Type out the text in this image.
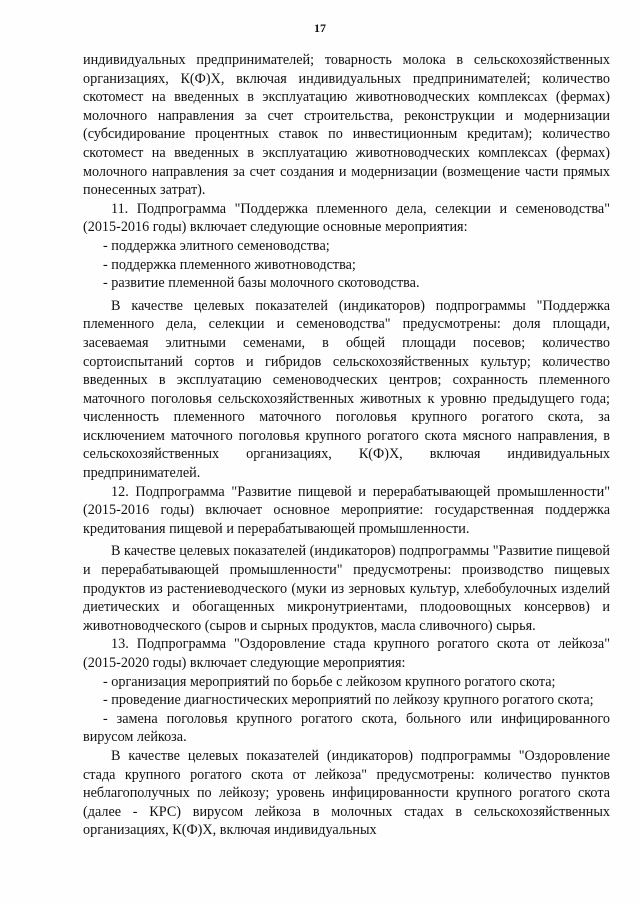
17

индивидуальных предпринимателей; товарность молока в сельскохозяйственных организациях, К(Ф)Х, включая индивидуальных предпринимателей; количество скотомест на введенных в эксплуатацию животноводческих комплексах (фермах) молочного направления за счет строительства, реконструкции и модернизации (субсидирование процентных ставок по инвестиционным кредитам); количество скотомест на введенных в эксплуатацию животноводческих комплексах (фермах) молочного направления за счет создания и модернизации (возмещение части прямых понесенных затрат).

11. Подпрограмма "Поддержка племенного дела, селекции и семеноводства"(2015-2016 годы) включает следующие основные мероприятия:

- поддержка элитного семеноводства;

- поддержка племенного животноводства;

- развитие племенной базы молочного скотоводства.

В качестве целевых показателей (индикаторов) подпрограммы "Поддержка племенного дела, селекции и семеноводства" предусмотрены: доля площади, засеваемая элитными семенами, в общей площади посевов; количество сортоиспытаний сортов и гибридов сельскохозяйственных культур; количество введенных в эксплуатацию семеноводческих центров; сохранность племенного маточного поголовья сельскохозяйственных животных к уровню предыдущего года; численность племенного маточного поголовья крупного рогатого скота, за исключением маточного поголовья крупного рогатого скота мясного направления, в сельскохозяйственных организациях, К(Ф)Х, включая индивидуальных предпринимателей.

12. Подпрограмма "Развитие пищевой и перерабатывающей промышленности" (2015-2016 годы) включает основное мероприятие: государственная поддержка кредитования пищевой и перерабатывающей промышленности.

В качестве целевых показателей (индикаторов) подпрограммы "Развитие пищевой и перерабатывающей промышленности" предусмотрены: производство пищевых продуктов из растениеводческого (муки из зерновых культур, хлебобулочных изделий диетических и обогащенных микронутриентами, плодоовощных консервов) и животноводческого (сыров и сырных продуктов, масла сливочного) сырья.

13. Подпрограмма "Оздоровление стада крупного рогатого скота от лейкоза"(2015-2020 годы) включает следующие мероприятия:

- организация мероприятий по борьбе с лейкозом крупного рогатого скота;

- проведение диагностических мероприятий по лейкозу крупного рогатого скота;

- замена поголовья крупного рогатого скота, больного или инфицированного вирусом лейкоза.

В качестве целевых показателей (индикаторов) подпрограммы "Оздоровление стада крупного рогатого скота от лейкоза" предусмотрены: количество пунктов неблагополучных по лейкозу; уровень инфицированности крупного рогатого скота (далее - КРС) вирусом лейкоза в молочных стадах в сельскохозяйственных организациях, К(Ф)Х, включая индивидуальных
